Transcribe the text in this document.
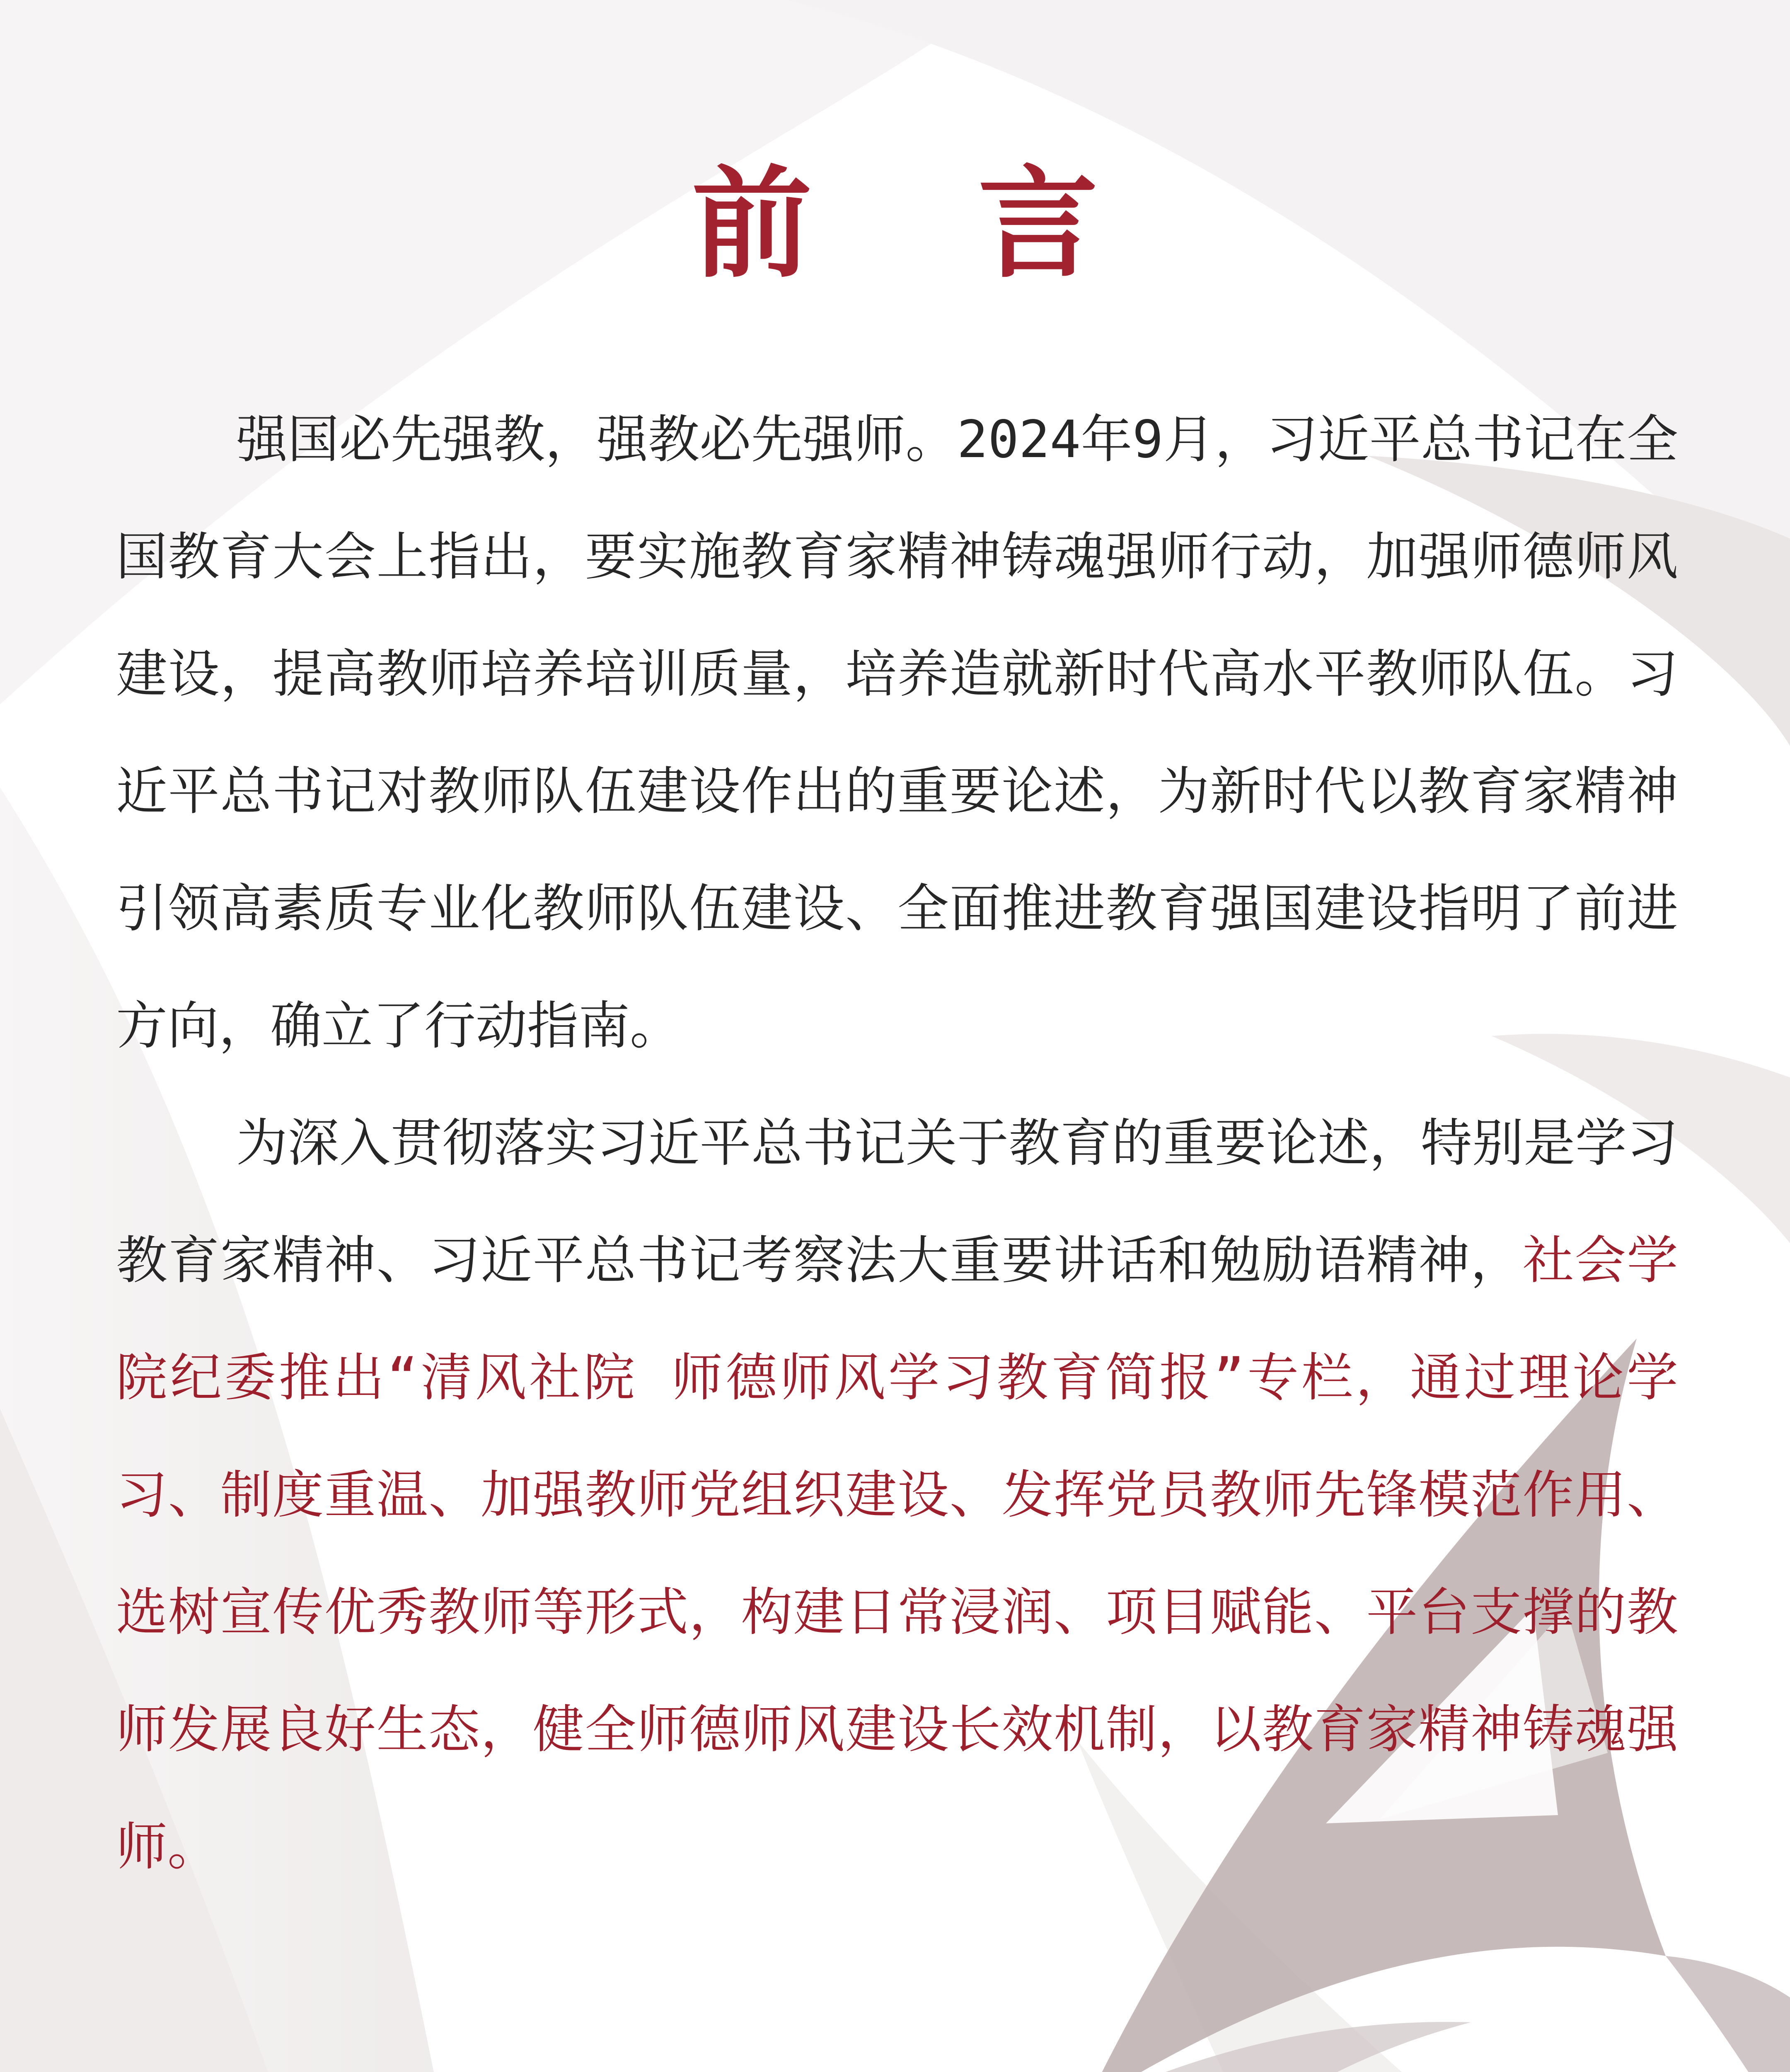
前 言

强国必先强教，强教必先强师。2024年9月，习近平总书记在全国教育大会上指出，要实施教育家精神铸魂强师行动，加强师德师风建设，提高教师培养培训质量，培养造就新时代高水平教师队伍。习近平总书记对教师队伍建设作出的重要论述，为新时代以教育家精神引领高素质专业化教师队伍建设、全面推进教育强国建设指明了前进方向，确立了行动指南。

为深入贯彻落实习近平总书记关于教育的重要论述，特别是学习教育家精神、习近平总书记考察法大重要讲话和勉励语精神，社会学院纪委推出“清风社院 师德师风学习教育简报”专栏，通过理论学习、制度重温、加强教师党组织建设、发挥党员教师先锋模范作用、选树宣传优秀教师等形式，构建日常浸润、项目赋能、平台支撑的教师发展良好生态，健全师德师风建设长效机制，以教育家精神铸魂强师。
